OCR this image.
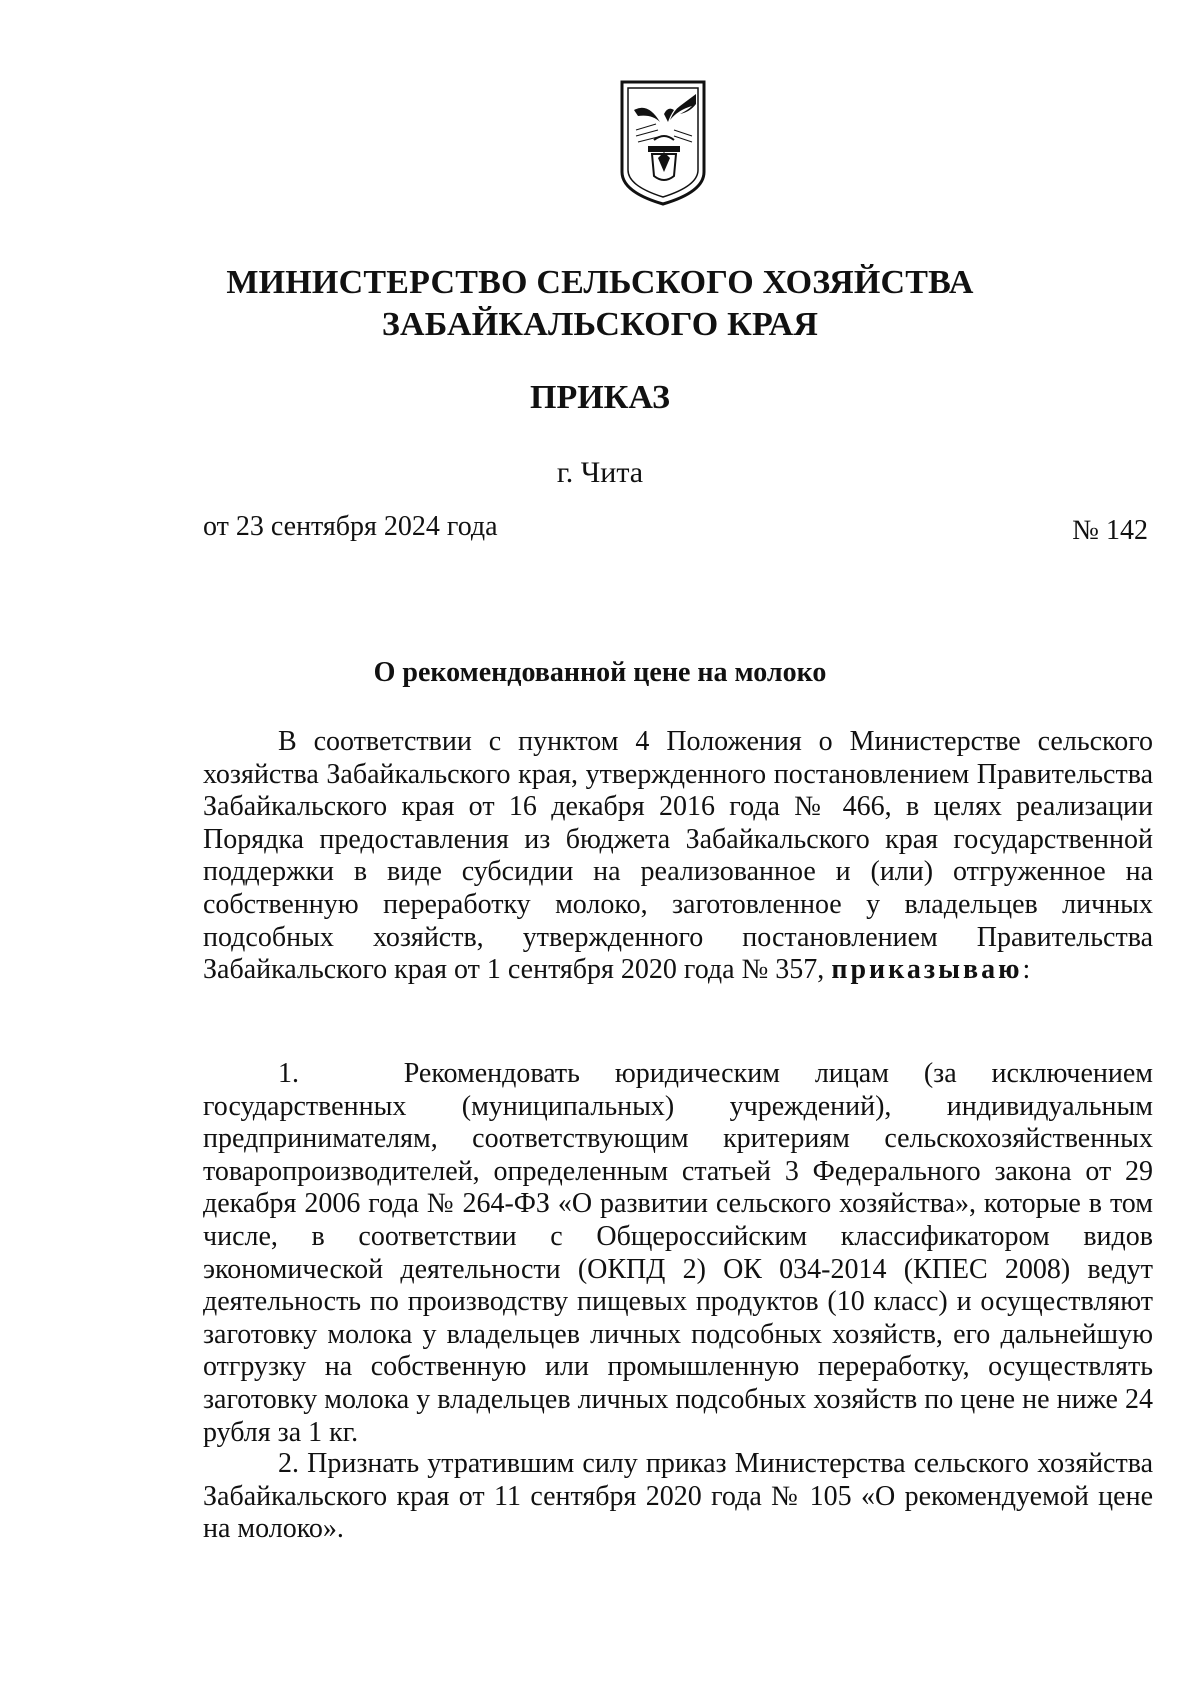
МИНИСТЕРСТВО СЕЛЬСКОГО ХОЗЯЙСТВА
ЗАБАЙКАЛЬСКОГО КРАЯ
ПРИКАЗ
г. Чита
от 23 сентября 2024 года	№ 142
О рекомендованной цене на молоко

В соответствии с пунктом 4 Положения о Министерстве сельского хозяйства Забайкальского края, утвержденного постановлением Правительства Забайкальского края от 16 декабря 2016 года № 466, в целях реализации Порядка предоставления из бюджета Забайкальского края государственной поддержки в виде субсидии на реализованное и (или) отгруженное на собственную переработку молоко, заготовленное у владельцев личных подсобных хозяйств, утвержденного постановлением Правительства Забайкальского края от 1 сентября 2020 года № 357, приказываю:

1.	Рекомендовать юридическим лицам (за исключением государственных (муниципальных) учреждений), индивидуальным предпринимателям, соответствующим критериям сельскохозяйственных товаропроизводителей, определенным статьей 3 Федерального закона от 29 декабря 2006 года № 264-ФЗ «О развитии сельского хозяйства», которые в том числе, в соответствии с Общероссийским классификатором видов экономической деятельности (ОКПД 2) ОК 034-2014 (КПЕС 2008) ведут деятельность по производству пищевых продуктов (10 класс) и осуществляют заготовку молока у владельцев личных подсобных хозяйств, его дальнейшую отгрузку на собственную или промышленную переработку, осуществлять заготовку молока у владельцев личных подсобных хозяйств по цене не ниже 24 рубля за 1 кг.

2. Признать утратившим силу приказ Министерства сельского хозяйства Забайкальского края от 11 сентября 2020 года № 105 «О рекомендуемой цене на молоко».
